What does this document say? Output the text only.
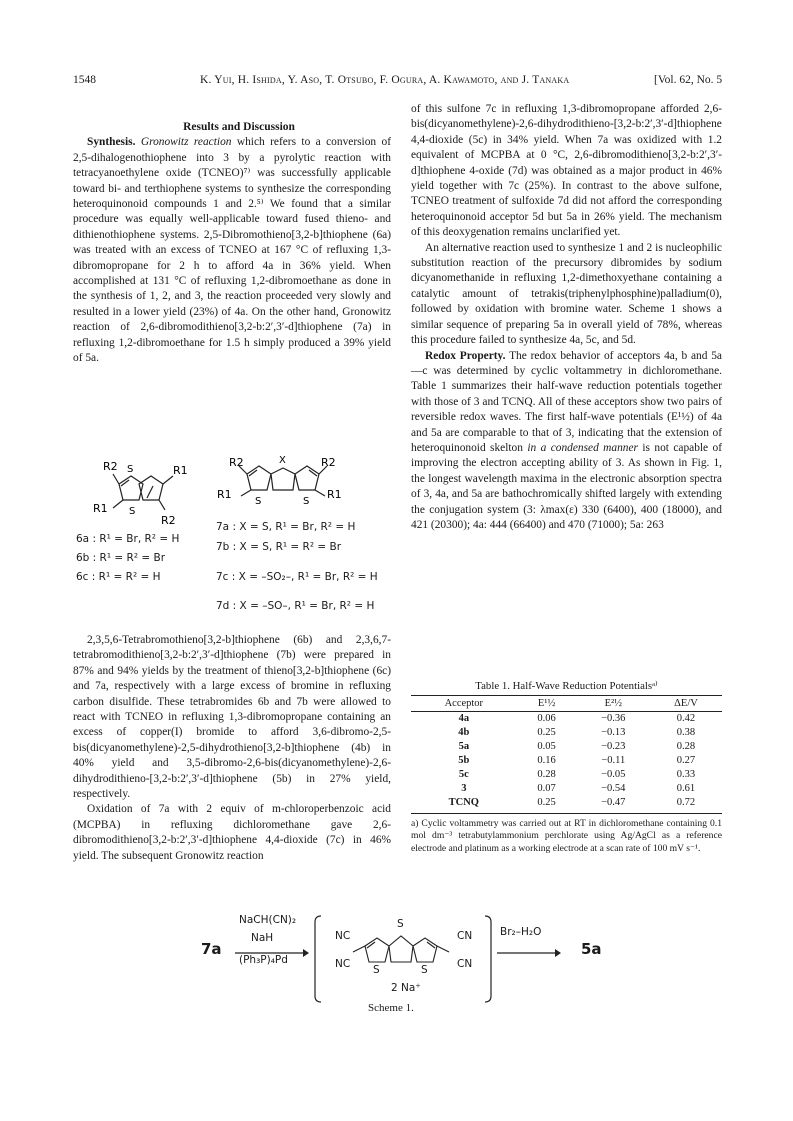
1548	K. Yui, H. Ishida, Y. Aso, T. Otsubo, F. Ogura, A. Kawamoto, and J. Tanaka	[Vol. 62, No. 5

Results and Discussion

Synthesis. Gronowitz reaction which refers to a conversion of 2,5-dihalogenothiophene into 3 by a pyrolytic reaction with tetracyanoethylene oxide (TCNEO)⁷⁾ was successfully applicable toward bi- and terthiophene systems to synthesize the corresponding heteroquinonoid compounds 1 and 2.⁵⁾ We found that a similar procedure was equally well-applicable toward fused thieno- and dithienothiophene systems. 2,5-Dibromothieno[3,2-b]thiophene (6a) was treated with an excess of TCNEO at 167 °C of refluxing 1,3-dibromopropane for 2 h to afford 4a in 36% yield. When accomplished at 131 °C of refluxing 1,2-dibromoethane as done in the synthesis of 1, 2, and 3, the reaction proceeded very slowly and resulted in a lower yield (23%) of 4a. On the other hand, Gronowitz reaction of 2,6-dibromodithieno[3,2-b:2′,3′-d]thiophene (7a) in refluxing 1,2-dibromoethane for 1.5 h simply produced a 39% yield of 5a.

R2	R1
R1
R2
S
S
R2	R2
R1	R1
X
S	S
6a : R¹ = Br, R² = H
6b : R¹ = R² = Br
6c : R¹ = R² = H
7a : X = S, R¹ = Br, R² = H
7b : X = S, R¹ = R² = Br
7c : X = –SO₂–, R¹ = Br, R² = H
7d : X = –SO–, R¹ = Br, R² = H

2,3,5,6-Tetrabromothieno[3,2-b]thiophene (6b) and 2,3,6,7-tetrabromodithieno[3,2-b:2′,3′-d]thiophene (7b) were prepared in 87% and 94% yields by the treatment of thieno[3,2-b]thiophene (6c) and 7a, respectively with a large excess of bromine in refluxing carbon disulfide. These tetrabromides 6b and 7b were allowed to react with TCNEO in refluxing 1,3-dibromopropane containing an excess of copper(I) bromide to afford 3,6-dibromo-2,5-bis(dicyanomethylene)-2,5-dihydrothieno[3,2-b]thiophene (4b) in 40% yield and 3,5-dibromo-2,6-bis(dicyanomethylene)-2,6-dihydrodithieno-[3,2-b:2′,3′-d]thiophene (5b) in 27% yield, respectively.

Oxidation of 7a with 2 equiv of m-chloroperbenzoic acid (MCPBA) in refluxing dichloromethane gave 2,6-dibromodithieno[3,2-b:2′,3′-d]thiophene 4,4-dioxide (7c) in 46% yield. The subsequent Gronowitz reaction

of this sulfone 7c in refluxing 1,3-dibromopropane afforded 2,6-bis(dicyanomethylene)-2,6-dihydrodithieno-[3,2-b:2′,3′-d]thiophene 4,4-dioxide (5c) in 34% yield. When 7a was oxidized with 1.2 equivalent of MCPBA at 0 °C, 2,6-dibromodithieno[3,2-b:2′,3′-d]thiophene 4-oxide (7d) was obtained as a major product in 46% yield together with 7c (25%). In contrast to the above sulfone, TCNEO treatment of sulfoxide 7d did not afford the corresponding heteroquinonoid acceptor 5d but 5a in 26% yield. The mechanism of this deoxygenation remains unclarified yet.

An alternative reaction used to synthesize 1 and 2 is nucleophilic substitution reaction of the precursory dibromides by sodium dicyanomethanide in refluxing 1,2-dimethoxyethane containing a catalytic amount of tetrakis(triphenylphosphine)palladium(0), followed by oxidation with bromine water. Scheme 1 shows a similar sequence of preparing 5a in overall yield of 78%, whereas this procedure failed to synthesize 4a, 5c, and 5d.

Redox Property. The redox behavior of acceptors 4a, b and 5a—c was determined by cyclic voltammetry in dichloromethane. Table 1 summarizes their half-wave reduction potentials together with those of 3 and TCNQ. All of these acceptors show two pairs of reversible redox waves. The first half-wave potentials (E¹½) of 4a and 5a are comparable to that of 3, indicating that the extension of heteroquinonoid skelton in a condensed manner is not capable of improving the electron accepting ability of 3. As shown in Fig. 1, the longest wavelength maxima in the electronic absorption spectra of 3, 4a, and 5a are bathochromically shifted largely with extending the conjugation system (3: λmax(ε) 330 (6400), 400 (18000), and 421 (20300); 4a: 444 (66400) and 470 (71000); 5a: 263

Table 1. Half-Wave Reduction Potentialsᵃ⁾
Acceptor	E¹½	E²½	ΔE/V
4a	0.06	−0.36	0.42
4b	0.25	−0.13	0.38
5a	0.05	−0.23	0.28
5b	0.16	−0.11	0.27
5c	0.28	−0.05	0.33
3	0.07	−0.54	0.61
TCNQ	0.25	−0.47	0.72
a) Cyclic voltammetry was carried out at RT in dichloromethane containing 0.1 mol dm⁻³ tetrabutylammonium perchlorate using Ag/AgCl as a reference electrode and platinum as a working electrode at a scan rate of 100 mV s⁻¹.
7a
NaCH(CN)₂
NaH
(Ph₃P)₄Pd
NC
NC
CN
CN
S
S	S
2 Na⁺
Br₂–H₂O
→ 5a
Scheme 1.
